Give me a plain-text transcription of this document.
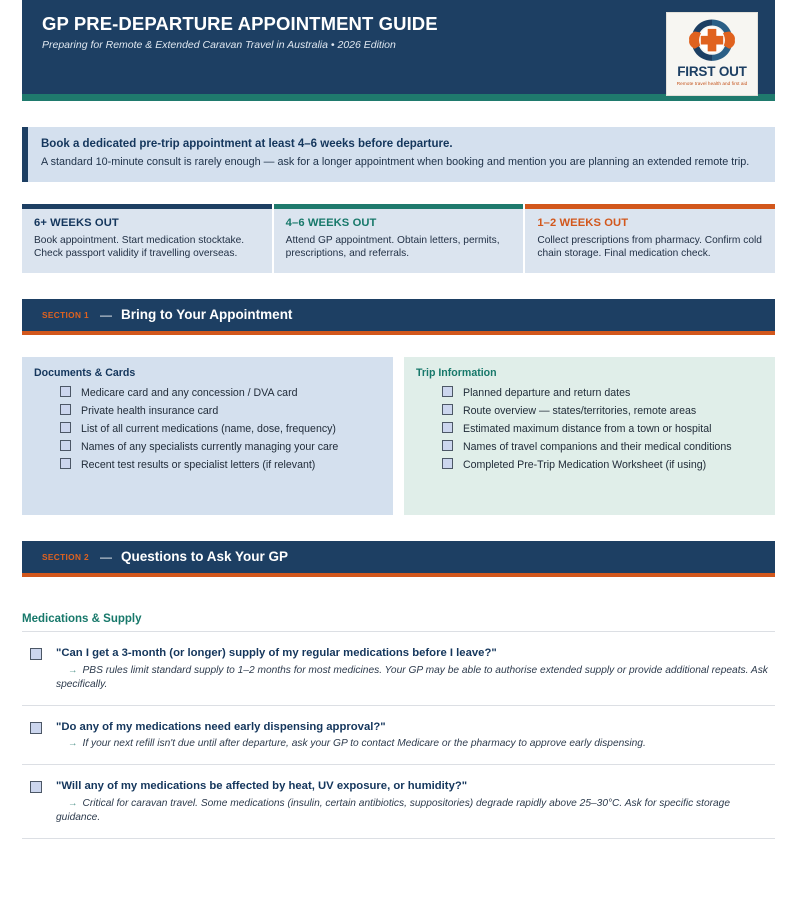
GP PRE-DEPARTURE APPOINTMENT GUIDE
Preparing for Remote & Extended Caravan Travel in Australia • 2026 Edition
FIRST OUT
Remote travel health and first aid

Book a dedicated pre-trip appointment at least 4–6 weeks before departure.

A standard 10-minute consult is rarely enough — ask for a longer appointment when booking and mention you are planning an extended remote trip.

6+ WEEKS OUT

Book appointment. Start medication stocktake. Check passport validity if travelling overseas.

4–6 WEEKS OUT

Attend GP appointment. Obtain letters, permits, prescriptions, and referrals.

1–2 WEEKS OUT

Collect prescriptions from pharmacy. Confirm cold chain storage. Final medication check.

SECTION 1 — Bring to Your Appointment

Documents & Cards

Medicare card and any concession / DVA card
Private health insurance card
List of all current medications (name, dose, frequency)
Names of any specialists currently managing your care
Recent test results or specialist letters (if relevant)

Trip Information

Planned departure and return dates
Route overview — states/territories, remote areas
Estimated maximum distance from a town or hospital
Names of travel companions and their medical conditions
Completed Pre-Trip Medication Worksheet (if using)
SECTION 2 — Questions to Ask Your GP

Medications & Supply

"Can I get a 3-month (or longer) supply of my regular medications before I leave?"

→ PBS rules limit standard supply to 1–2 months for most medicines. Your GP may be able to authorise extended supply or provide additional repeats. Ask specifically.

"Do any of my medications need early dispensing approval?"

→ If your next refill isn't due until after departure, ask your GP to contact Medicare or the pharmacy to approve early dispensing.

"Will any of my medications be affected by heat, UV exposure, or humidity?"

→ Critical for caravan travel. Some medications (insulin, certain antibiotics, suppositories) degrade rapidly above 25–30°C. Ask for specific storage guidance.
